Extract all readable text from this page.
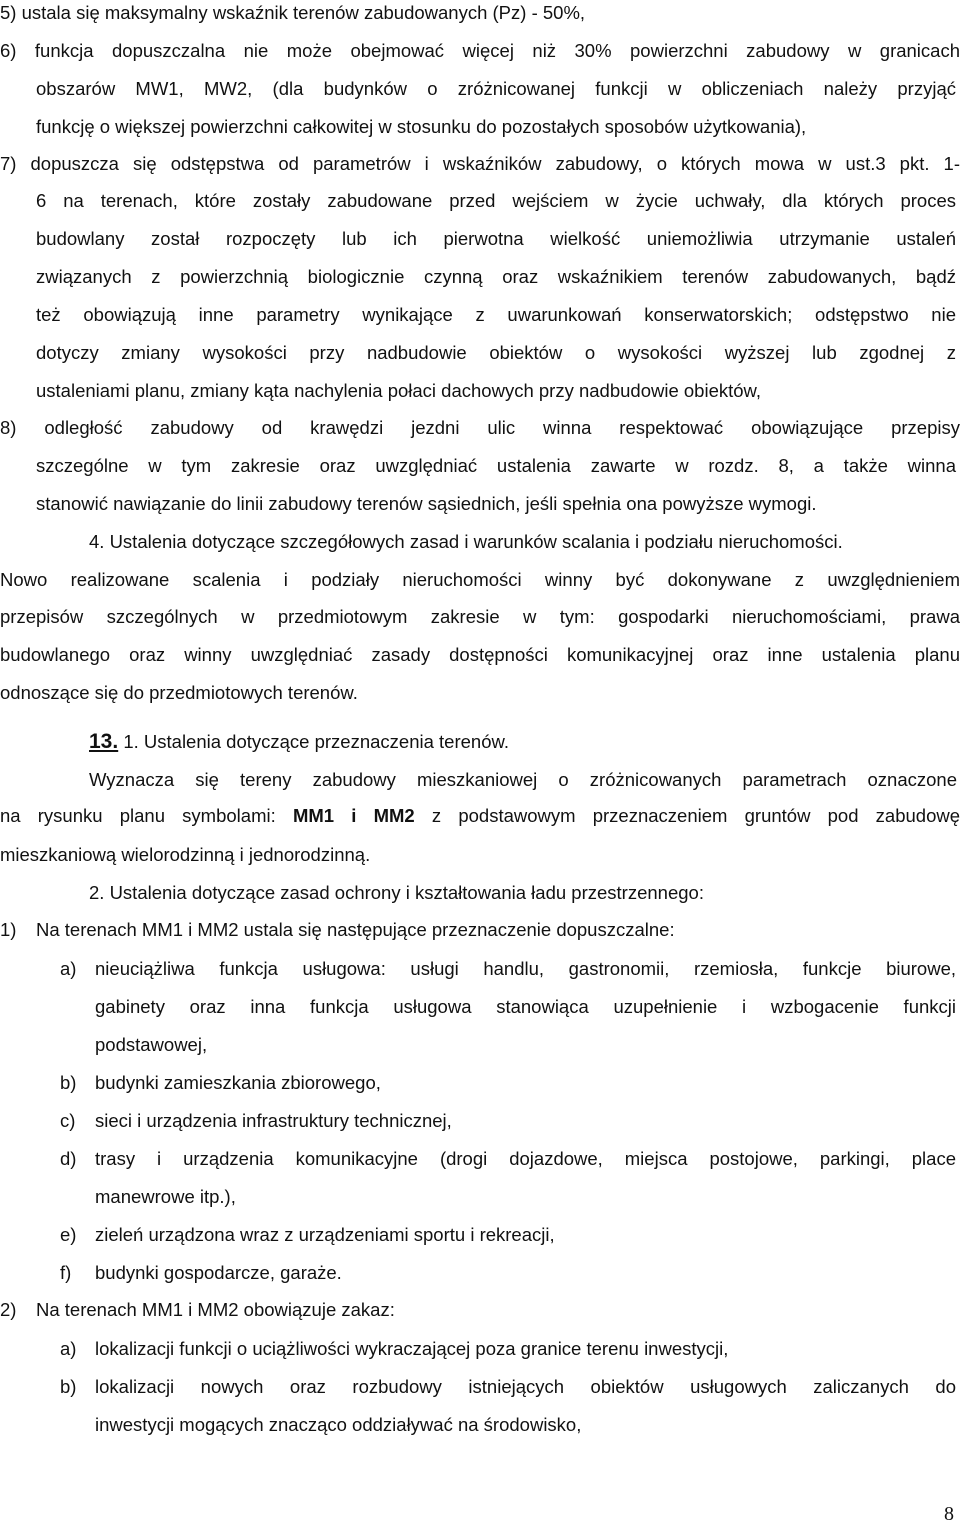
5) ustala się maksymalny wskaźnik terenów zabudowanych (Pz) - 50%,
6) funkcja dopuszczalna nie może obejmować więcej niż 30% powierzchni zabudowy w granicach
obszarów MW1, MW2, (dla budynków o zróżnicowanej funkcji w obliczeniach należy przyjąć
funkcję o większej powierzchni całkowitej w stosunku do pozostałych sposobów użytkowania),
7) dopuszcza się odstępstwa od parametrów i wskaźników zabudowy, o których mowa w ust.3 pkt. 1-
6 na terenach, które zostały zabudowane przed wejściem w życie uchwały, dla których proces
budowlany został rozpoczęty lub ich pierwotna wielkość uniemożliwia utrzymanie ustaleń
związanych z powierzchnią biologicznie czynną oraz wskaźnikiem terenów zabudowanych, bądź
też obowiązują inne parametry wynikające z uwarunkowań konserwatorskich; odstępstwo nie
dotyczy zmiany wysokości przy nadbudowie obiektów o wysokości wyższej lub zgodnej z
ustaleniami planu, zmiany kąta nachylenia połaci dachowych przy nadbudowie obiektów,
8) odległość zabudowy od krawędzi jezdni ulic winna respektować obowiązujące przepisy
szczególne w tym zakresie oraz uwzględniać ustalenia zawarte w rozdz. 8, a także winna
stanowić nawiązanie do linii zabudowy terenów sąsiednich, jeśli spełnia ona powyższe wymogi.
4. Ustalenia dotyczące szczegółowych zasad i warunków scalania i podziału nieruchomości.
Nowo realizowane scalenia i podziały nieruchomości winny być dokonywane z uwzględnieniem
przepisów szczególnych w przedmiotowym zakresie w tym: gospodarki nieruchomościami, prawa
budowlanego oraz winny uwzględniać zasady dostępności komunikacyjnej oraz inne ustalenia planu
odnoszące się do przedmiotowych terenów.
13. 1. Ustalenia dotyczące przeznaczenia terenów.
Wyznacza się tereny zabudowy mieszkaniowej o zróżnicowanych parametrach oznaczone
na rysunku planu symbolami: MM1 i MM2 z podstawowym przeznaczeniem gruntów pod zabudowę
mieszkaniową wielorodzinną i jednorodzinną.
2. Ustalenia dotyczące zasad ochrony i kształtowania ładu przestrzennego:
1)	Na terenach MM1 i MM2 ustala się następujące przeznaczenie dopuszczalne:
a)	nieuciążliwa funkcja usługowa: usługi handlu, gastronomii, rzemiosła, funkcje biurowe,
gabinety oraz inna funkcja usługowa stanowiąca uzupełnienie i wzbogacenie funkcji
podstawowej,
b)	budynki zamieszkania zbiorowego,
c)	sieci i urządzenia infrastruktury technicznej,
d)	trasy i urządzenia komunikacyjne (drogi dojazdowe, miejsca postojowe, parkingi, place
manewrowe itp.),
e)	zieleń urządzona wraz z urządzeniami sportu i rekreacji,
f)	budynki gospodarcze, garaże.
2)	Na terenach MM1 i MM2 obowiązuje zakaz:
a)	lokalizacji funkcji o uciążliwości wykraczającej poza granice terenu inwestycji,
b)	lokalizacji nowych oraz rozbudowy istniejących obiektów usługowych zaliczanych do
inwestycji mogących znacząco oddziaływać na środowisko,
8
